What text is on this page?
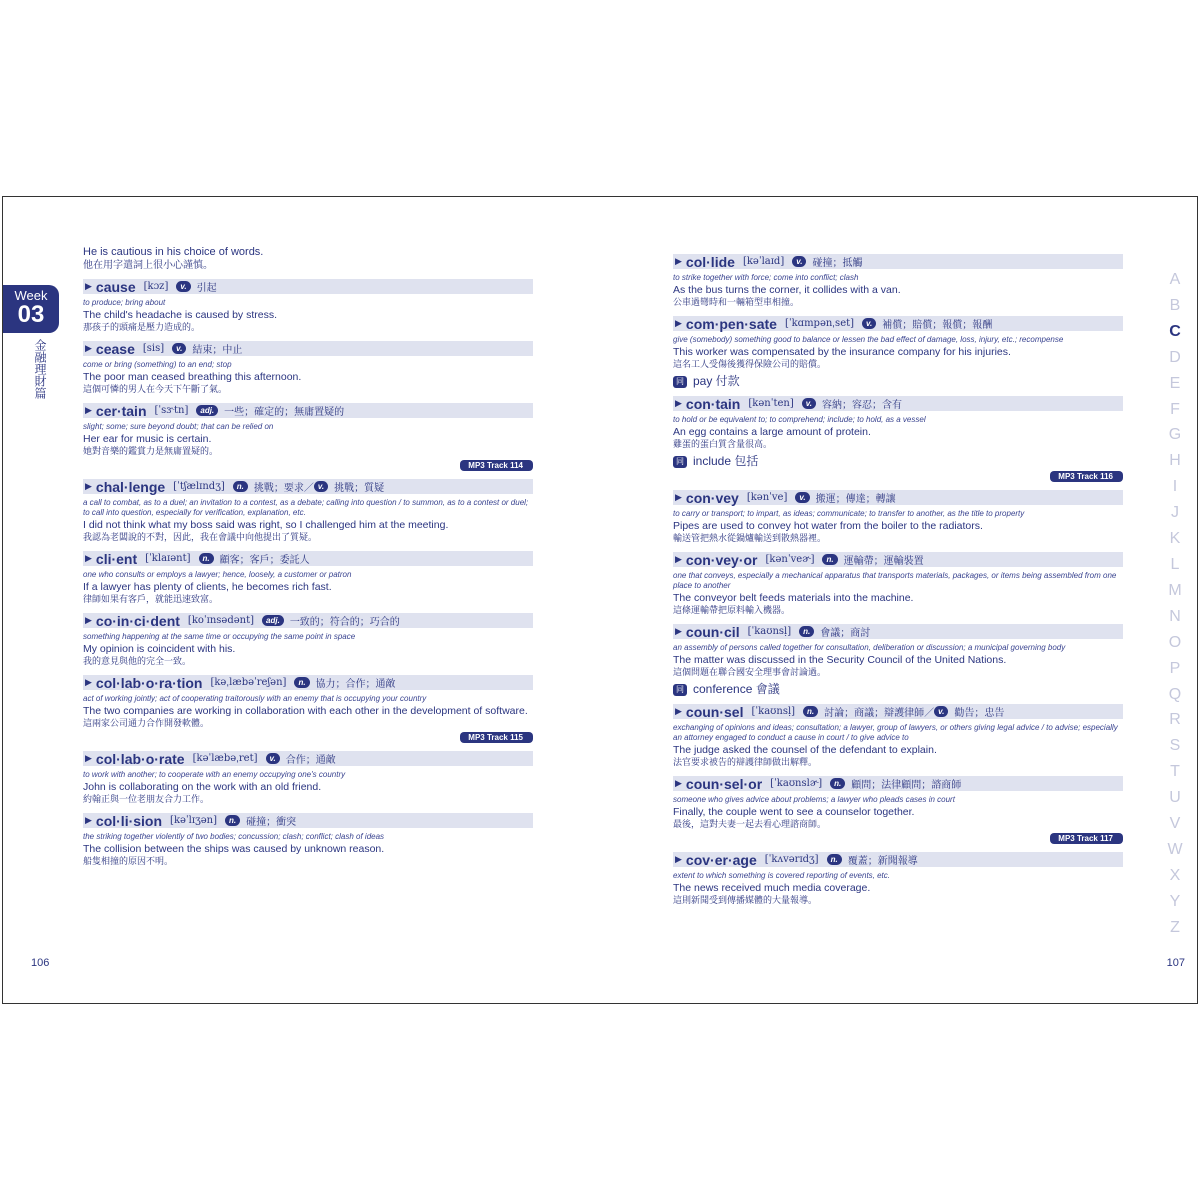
Week
03
金融理財篇
He is cautious in his choice of words.
他在用字遣詞上很小心謹慎。
▶ cause [kɔz]	v.	引起
to produce; bring about
The child's headache is caused by stress.
那孩子的頭痛是壓力造成的。
▶ cease [sis]	v.	結束；中止
come or bring (something) to an end; stop
The poor man ceased breathing this afternoon.
這個可憐的男人在今天下午斷了氣。
▶ cer·tain [ˈsɝtn]	adj.	一些；確定的；無庸置疑的
slight; some; sure beyond doubt; that can be relied on
Her ear for music is certain.
她對音樂的鑑賞力是無庸置疑的。
MP3 Track 114
▶ chal·lenge [ˈtʃælɪndʒ]	n.	挑戰；要求／ v.	挑戰；質疑
a call to combat, as to a duel; an invitation to a contest, as a debate; calling into question / to summon, as to a contest or duel; to call into question, especially for verification, explanation, etc.
I did not think what my boss said was right, so I challenged him at the meeting.
我認為老闆說的不對，因此，我在會議中向他提出了質疑。
▶ cli·ent [ˈklaɪənt]	n.	顧客；客戶；委託人
one who consults or employs a lawyer; hence, loosely, a customer or patron
If a lawyer has plenty of clients, he becomes rich fast.
律師如果有客戶，就能迅速致富。
▶ co·in·ci·dent [koˈɪnsədənt]	adj.	一致的；符合的；巧合的
something happening at the same time or occupying the same point in space
My opinion is coincident with his.
我的意見與他的完全一致。
▶ col·lab·o·ra·tion [kəˌlæbəˈreʃən]	n.	協力；合作；通敵
act of working jointly; act of cooperating traitorously with an enemy that is occupying your country
The two companies are working in collaboration with each other in the development of software.
這兩家公司通力合作開發軟體。
MP3 Track 115
▶ col·lab·o·rate [kəˈlæbəˌret]	v.	合作；通敵
to work with another; to cooperate with an enemy occupying one's country
John is collaborating on the work with an old friend.
約翰正與一位老朋友合力工作。
▶ col·li·sion [kəˈlɪʒən]	n.	碰撞；衝突
the striking together violently of two bodies; concussion; clash; conflict; clash of ideas
The collision between the ships was caused by unknown reason.
船隻相撞的原因不明。
106
▶ col·lide [kəˈlaɪd]	v.	碰撞；抵觸
to strike together with force; come into conflict; clash
As the bus turns the corner, it collides with a van.
公車過彎時和一輛箱型車相撞。
▶ com·pen·sate [ˈkɑmpənˌset]	v.	補償；賠償；報償；報酬
give (somebody) something good to balance or lessen the bad effect of damage, loss, injury, etc.; recompense
This worker was compensated by the insurance company for his injuries.
這名工人受傷後獲得保險公司的賠償。
同 pay 付款
▶ con·tain [kənˈten]	v.	容納；容忍；含有
to hold or be equivalent to; to comprehend; include; to hold, as a vessel
An egg contains a large amount of protein.
雞蛋的蛋白質含量很高。
同 include 包括
MP3 Track 116
▶ con·vey [kənˈve]	v.	搬運；傳達；轉讓
to carry or transport; to impart, as ideas; communicate; to transfer to another, as the title to property
Pipes are used to convey hot water from the boiler to the radiators.
輸送管把熱水從鍋爐輸送到散熱器裡。
▶ con·vey·or [kənˈveɚ]	n.	運輸帶；運輸裝置
one that conveys, especially a mechanical apparatus that transports materials, packages, or items being assembled from one place to another
The conveyor belt feeds materials into the machine.
這條運輸帶把原料輸入機器。
▶ coun·cil [ˈkaʊnsḷ]	n.	會議；商討
an assembly of persons called together for consultation, deliberation or discussion; a municipal governing body
The matter was discussed in the Security Council of the United Nations.
這個問題在聯合國安全理事會討論過。
同 conference 會議
▶ coun·sel [ˈkaʊnsḷ]	n.	討論；商議；辯護律師／ v.	勸告；忠告
exchanging of opinions and ideas; consultation; a lawyer, group of lawyers, or others giving legal advice / to advise; especially an attorney engaged to conduct a cause in court / to give advice to
The judge asked the counsel of the defendant to explain.
法官要求被告的辯護律師做出解釋。
▶ coun·sel·or [ˈkaʊnslɚ]	n.	顧問；法律顧問；諮商師
someone who gives advice about problems; a lawyer who pleads cases in court
Finally, the couple went to see a counselor together.
最後，這對夫妻一起去看心理諮商師。
MP3 Track 117
▶ cov·er·age [ˈkʌvərɪdʒ]	n.	覆蓋；新聞報導
extent to which something is covered reporting of events, etc.
The news received much media coverage.
這則新聞受到傳播媒體的大量報導。
A
B
C
D
E
F
G
H
I
J
K
L
M
N
O
P
Q
R
S
T
U
V
W
X
Y
Z
107
